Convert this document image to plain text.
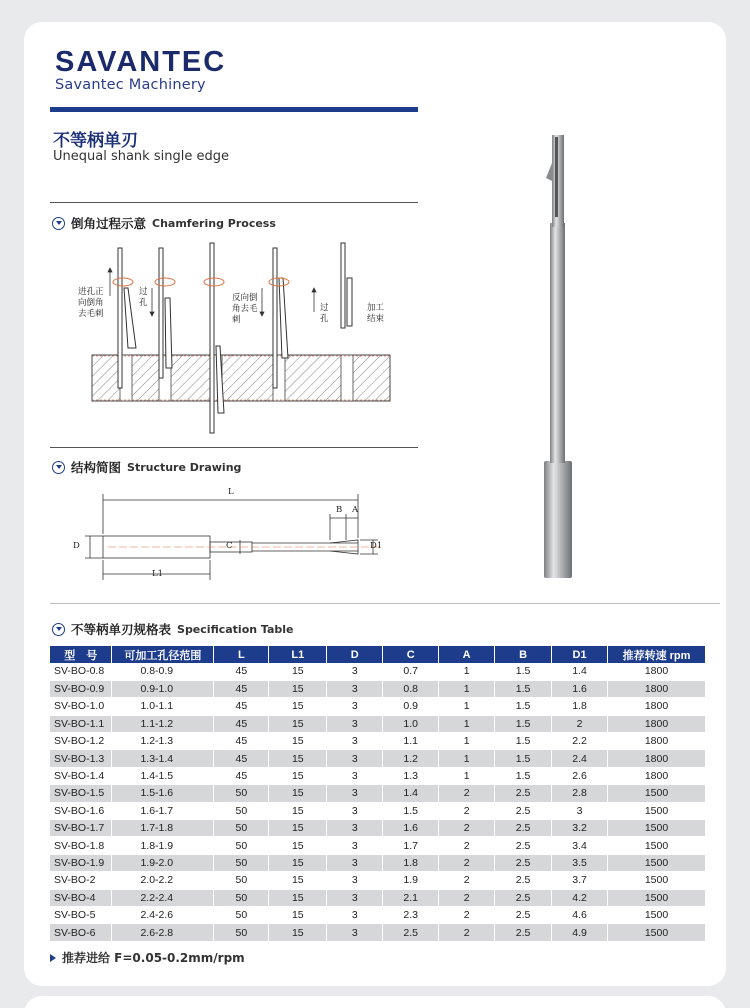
SAVANTEC
Savantec Machinery
不等柄单刃
Unequal shank single edge
倒角过程示意 Chamfering Process
进孔正
向倒角
去毛刺
过
孔	反向倒
角去毛
刺
过
孔
加工
结束
结构简图 Structure Drawing
L
L1
D	C	D1
B A
不等柄单刃规格表 Specification Table
型　号	可加工孔径范围	L	L1	D	C	A	B	D1	推荐转速 rpm
SV-BO-0.8	0.8-0.9	45	15	3	0.7	1	1.5	1.4	1800
SV-BO-0.9	0.9-1.0	45	15	3	0.8	1	1.5	1.6	1800
SV-BO-1.0	1.0-1.1	45	15	3	0.9	1	1.5	1.8	1800
SV-BO-1.1	1.1-1.2	45	15	3	1.0	1	1.5	2	1800
SV-BO-1.2	1.2-1.3	45	15	3	1.1	1	1.5	2.2	1800
SV-BO-1.3	1.3-1.4	45	15	3	1.2	1	1.5	2.4	1800
SV-BO-1.4	1.4-1.5	45	15	3	1.3	1	1.5	2.6	1800
SV-BO-1.5	1.5-1.6	50	15	3	1.4	2	2.5	2.8	1500
SV-BO-1.6	1.6-1.7	50	15	3	1.5	2	2.5	3	1500
SV-BO-1.7	1.7-1.8	50	15	3	1.6	2	2.5	3.2	1500
SV-BO-1.8	1.8-1.9	50	15	3	1.7	2	2.5	3.4	1500
SV-BO-1.9	1.9-2.0	50	15	3	1.8	2	2.5	3.5	1500
SV-BO-2	2.0-2.2	50	15	3	1.9	2	2.5	3.7	1500
SV-BO-4	2.2-2.4	50	15	3	2.1	2	2.5	4.2	1500
SV-BO-5	2.4-2.6	50	15	3	2.3	2	2.5	4.6	1500
SV-BO-6	2.6-2.8	50	15	3	2.5	2	2.5	4.9	1500
推荐进给 F=0.05-0.2mm/rpm
